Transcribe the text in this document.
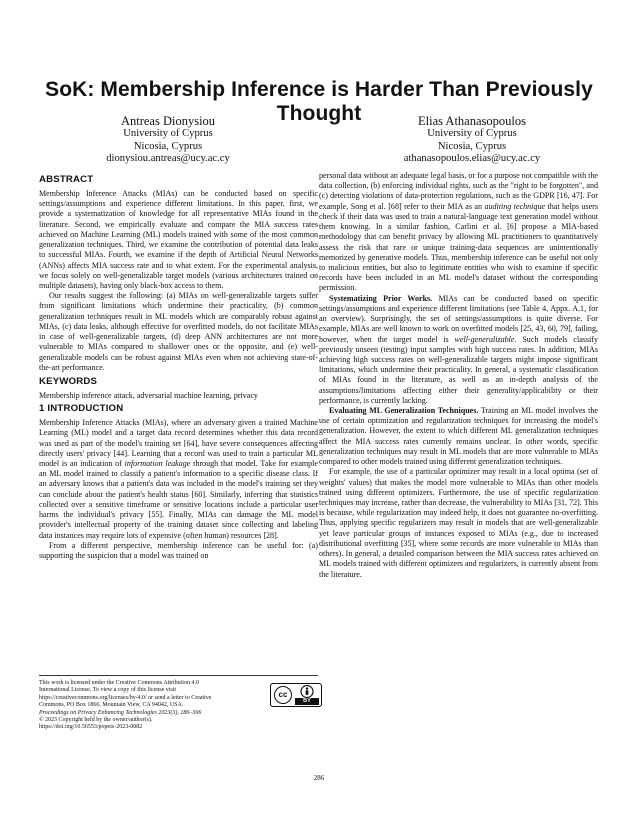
SoK: Membership Inference is Harder Than Previously Thought
Antreas Dionysiou
University of Cyprus
Nicosia, Cyprus
dionysiou.antreas@ucy.ac.cy
Elias Athanasopoulos
University of Cyprus
Nicosia, Cyprus
athanasopoulos.elias@ucy.ac.cy
ABSTRACT

Membership Inference Attacks (MIAs) can be conducted based on specific settings/assumptions and experience different limitations. In this paper, first, we provide a systematization of knowledge for all representative MIAs found in the literature. Second, we empirically evaluate and compare the MIA success rates achieved on Machine Learning (ML) models trained with some of the most common generalization techniques. Third, we examine the contribution of potential data leaks to successful MIAs. Fourth, we examine if the depth of Artificial Neural Networks (ANNs) affects MIA success rate and to what extent. For the experimental analysis, we focus solely on well-generalizable target models (various architectures trained on multiple datasets), having only black-box access to them.

Our results suggest the following: (a) MIAs on well-generalizable targets suffer from significant limitations which undermine their practicality, (b) common generalization techniques result in ML models which are comparably robust against MIAs, (c) data leaks, although effective for overfitted models, do not facilitate MIAs in case of well-generalizable targets, (d) deep ANN architectures are not more vulnerable to MIAs compared to shallower ones or the opposite, and (e) well-generalizable models can be robust against MIAs even when not achieving state-of-the-art performance.

KEYWORDS

Membership inference attack, adversarial machine learning, privacy

1 INTRODUCTION

Membership Inference Attacks (MIAs), where an adversary given a trained Machine Learning (ML) model and a target data record determines whether this data record was used as part of the model's training set [64], have severe consequences affecting directly users' privacy [44]. Learning that a record was used to train a particular ML model is an indication of information leakage through that model. Take for example an ML model trained to classify a patient's information to a specific disease class. If an adversary knows that a patient's data was included in the model's training set they can conclude about the patient's health status [60]. Similarly, inferring that statistics collected over a sensitive timeframe or sensitive locations include a particular user harms the individual's privacy [55]. Finally, MIAs can damage the ML model provider's intellectual property of the training dataset since collecting and labeling data instances may require lots of expensive (often human) resources [28].

From a different perspective, membership inference can be useful for: (a) supporting the suspicion that a model was trained on

personal data without an adequate legal basis, or for a purpose not compatible with the data collection, (b) enforcing individual rights, such as the "right to be forgotten", and (c) detecting violations of data-protection regulations, such as the GDPR [16, 47]. For example, Song et al. [68] refer to their MIA as an auditing technique that helps users check if their data was used to train a natural-language text generation model without them knowing. In a similar fashion, Carlini et al. [6] propose a MIA-based methodology that can benefit privacy by allowing ML practitioners to quantitatively assess the risk that rare or unique training-data sequences are unintentionally memorized by generative models. Thus, membership inference can be useful not only to malicious entities, but also to legitimate entities who wish to examine if specific records have been included in an ML model's dataset without the corresponding permission.

Systematizing Prior Works. MIAs can be conducted based on specific settings/assumptions and experience different limitations (see Table 4, Appx. A.1, for an overview). Surprisingly, the set of settings/assumptions is quite diverse. For example, MIAs are well known to work on overfitted models [25, 43, 60, 79], failing, however, when the target model is well-generalizable. Such models classify previously unseen (testing) input samples with high success rates. In addition, MIAs achieving high success rates on well-generalizable targets might impose significant limitations, which undermine their practicality. In general, a systematic classification of MIAs found in the literature, as well as an in-depth analysis of the assumptions/limitations affecting either their generality/applicability or their performance, is currently lacking.

Evaluating ML Generalization Techniques. Training an ML model involves the use of certain optimization and regularization techniques for increasing the model's generalization. However, the extent to which different ML generalization techniques affect the MIA success rates currently remains unclear. In other words, specific generalization techniques may result in ML models that are more vulnerable to MIAs compared to other models trained using different generalization techniques.

For example, the use of a particular optimizer may result in a local optima (set of weights' values) that makes the model more vulnerable to MIAs than other models trained using different optimizers. Furthermore, the use of specific regularization techniques may increase, rather than decrease, the vulnerability to MIAs [31, 72]. This is because, while regularization may indeed help, it does not guarantee no-overfitting. Thus, applying specific regularizers may result in models that are well-generalizable yet leave particular groups of instances exposed to MIAs (e.g., due to increased distributional overfitting [35], where some records are more vulnerable to MIAs than others). In general, a detailed comparison between the MIA success rates achieved on ML models trained with different optimizers and regularizers, is currently absent from the literature.

This work is licensed under the Creative Commons Attribution 4.0 International License. To view a copy of this license visit https://creativecommons.org/licenses/by/4.0/ or send a letter to Creative Commons, PO Box 1866, Mountain View, CA 94042, USA.
Proceedings on Privacy Enhancing Technologies 2023(3), 286–306
© 2023 Copyright held by the owner/author(s).
https://doi.org/10.56553/popets-2023-0082
cc
BY
286
